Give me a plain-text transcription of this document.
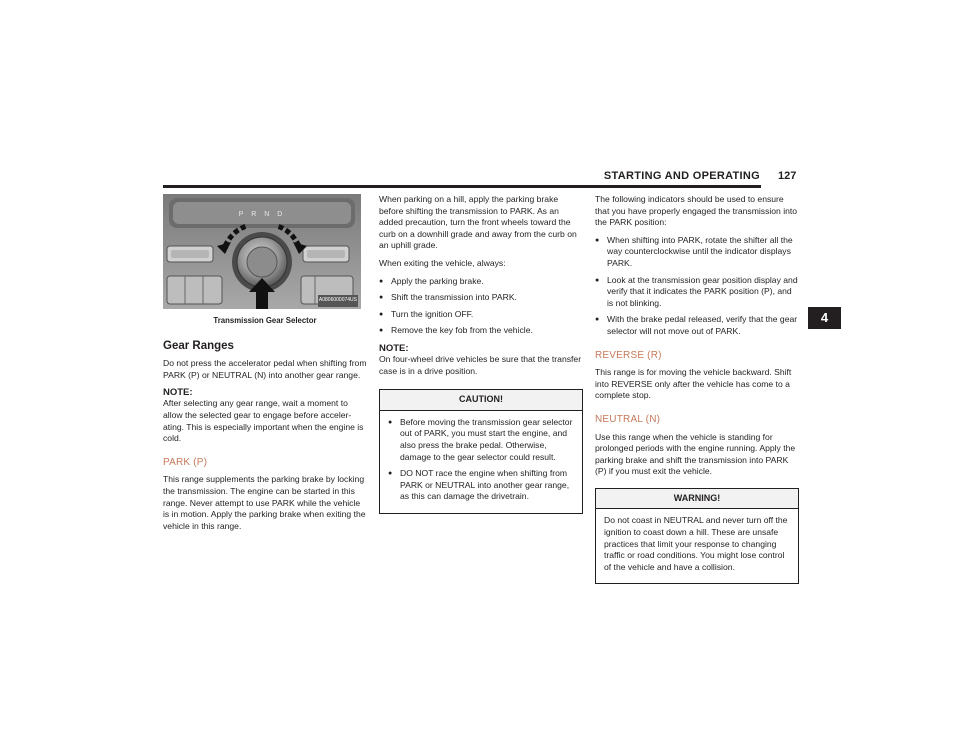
STARTING AND OPERATING 127
4
P R N D
A0806000074US
Transmission Gear Selector
Gear Ranges

Do not press the accelerator pedal when shifting from PARK (P) or NEUTRAL (N) into another gear range.

NOTE:

After selecting any gear range, wait a moment to allow the selected gear to engage before acceler-ating. This is especially important when the engine is cold.

PARK (P)

This range supplements the parking brake by locking the transmission. The engine can be started in this range. Never attempt to use PARK while the vehicle is in motion. Apply the parking brake when exiting the vehicle in this range.

When parking on a hill, apply the parking brake before shifting the transmission to PARK. As an added precaution, turn the front wheels toward the curb on a downhill grade and away from the curb on an uphill grade.

When exiting the vehicle, always:

● Apply the parking brake.
● Shift the transmission into PARK.
● Turn the ignition OFF.
● Remove the key fob from the vehicle.
NOTE:

On four-wheel drive vehicles be sure that the transfer case is in a drive position.

CAUTION!
● Before moving the transmission gear selector out of PARK, you must start the engine, and also press the brake pedal. Otherwise, damage to the gear selector could result.
● DO NOT race the engine when shifting from PARK or NEUTRAL into another gear range, as this can damage the drivetrain.

The following indicators should be used to ensure that you have properly engaged the transmission into the PARK position:

● When shifting into PARK, rotate the shifter all the way counterclockwise until the indicator displays PARK.
● Look at the transmission gear position display and verify that it indicates the PARK position (P), and is not blinking.
● With the brake pedal released, verify that the gear selector will not move out of PARK.
REVERSE (R)

This range is for moving the vehicle backward. Shift into REVERSE only after the vehicle has come to a complete stop.

NEUTRAL (N)

Use this range when the vehicle is standing for prolonged periods with the engine running. Apply the parking brake and shift the transmission into PARK (P) if you must exit the vehicle.

WARNING!

Do not coast in NEUTRAL and never turn off the ignition to coast down a hill. These are unsafe practices that limit your response to changing traffic or road conditions. You might lose control of the vehicle and have a collision.
